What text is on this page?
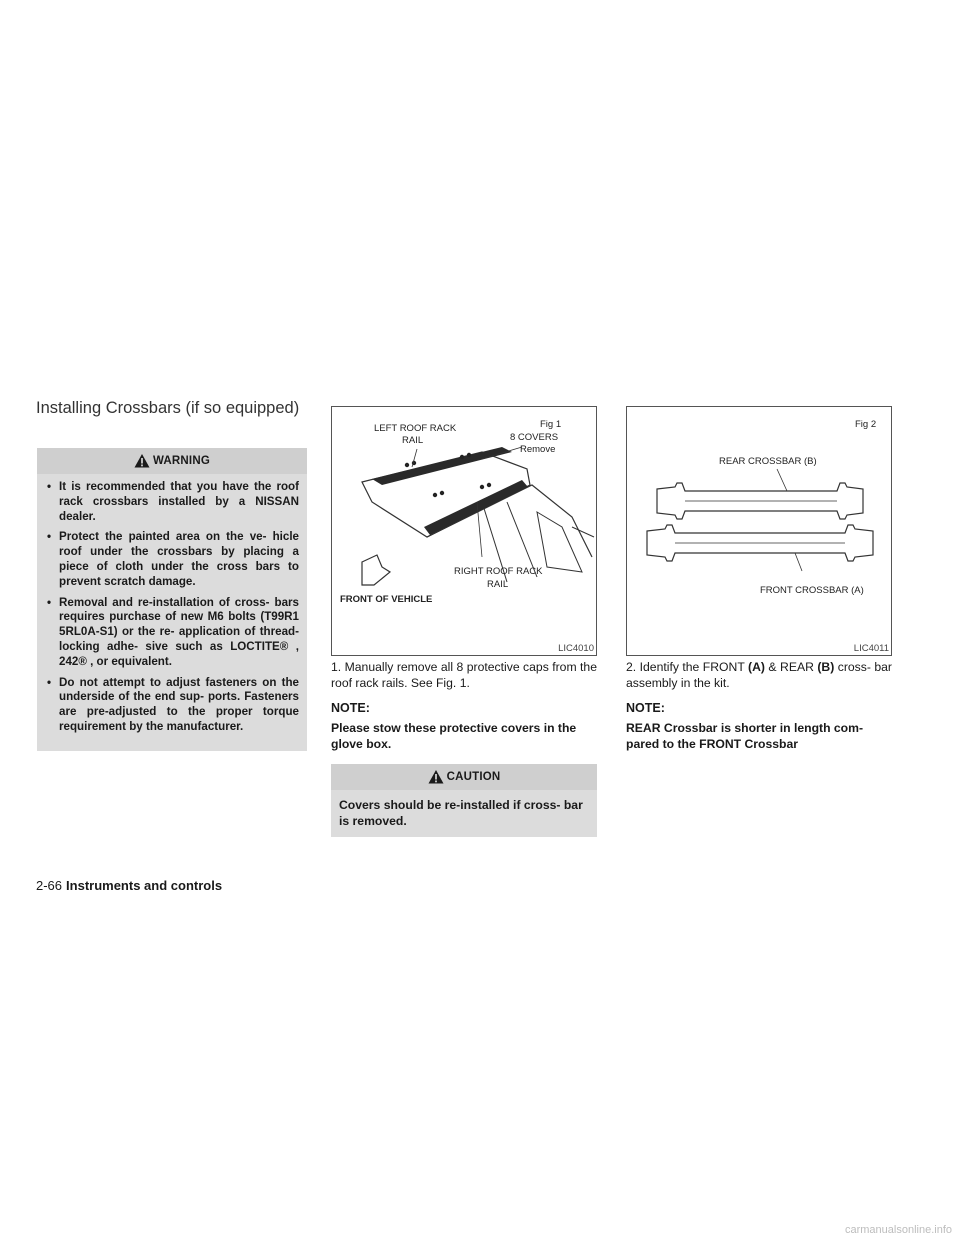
Installing Crossbars (if so equipped)
WARNING
• It is recommended that you have the roof rack crossbars installed by a NISSAN dealer.
• Protect the painted area on the ve- hicle roof under the crossbars by placing a piece of cloth under the cross bars to prevent scratch damage.
• Removal and re-installation of cross- bars requires purchase of new M6 bolts (T99R1 5RL0A-S1) or the re- application of thread-locking adhe- sive such as LOCTITE® , 242® , or equivalent.
• Do not attempt to adjust fasteners on the underside of the end sup- ports. Fasteners are pre-adjusted to the proper torque requirement by the manufacturer.
LEFT ROOF RACK
RAIL
Fig 1
8 COVERS
Remove
RIGHT ROOF RACK
RAIL
FRONT OF VEHICLE
LIC4010

1. Manually remove all 8 protective caps from the roof rack rails. See Fig. 1.

NOTE:

Please stow these protective covers in the glove box.

CAUTION

Covers should be re-installed if cross- bar is removed.

Fig 2
REAR CROSSBAR (B)
FRONT CROSSBAR (A)
LIC4011

2. Identify the FRONT (A) & REAR (B) cross- bar assembly in the kit.

NOTE:

REAR Crossbar is shorter in length com- pared to the FRONT Crossbar

2-66 Instruments and controls
carmanualsonline.info
